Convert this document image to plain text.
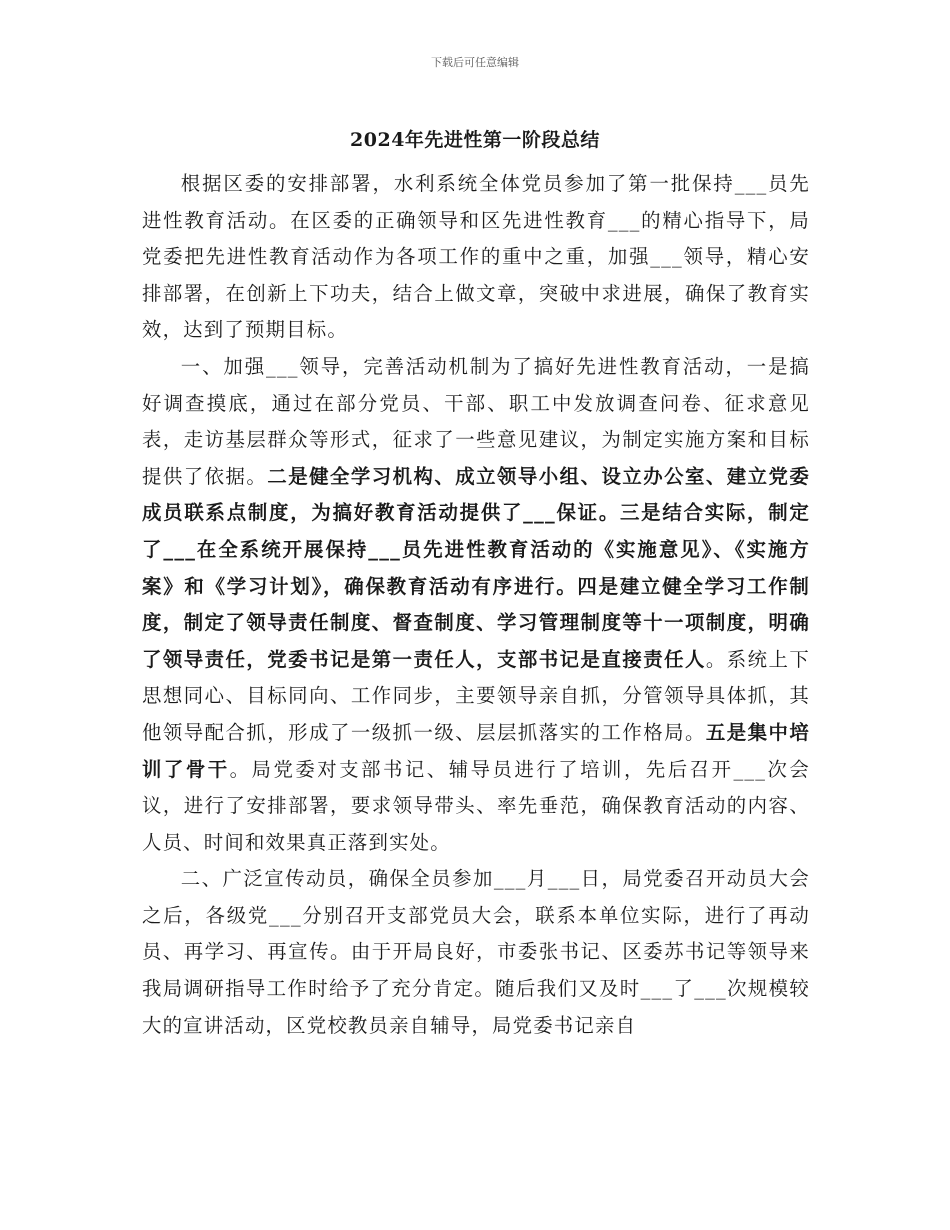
下载后可任意编辑
2024年先进性第一阶段总结

根据区委的安排部署，水利系统全体党员参加了第一批保持___员先进性教育活动。在区委的正确领导和区先进性教育___的精心指导下，局党委把先进性教育活动作为各项工作的重中之重，加强___领导，精心安排部署，在创新上下功夫，结合上做文章，突破中求进展，确保了教育实效，达到了预期目标。

一、加强___领导，完善活动机制为了搞好先进性教育活动，一是搞好调查摸底，通过在部分党员、干部、职工中发放调查问卷、征求意见表，走访基层群众等形式，征求了一些意见建议，为制定实施方案和目标提供了依据。二是健全学习机构、成立领导小组、设立办公室、建立党委成员联系点制度，为搞好教育活动提供了___保证。三是结合实际，制定了___在全系统开展保持___员先进性教育活动的《实施意见》、《实施方案》和《学习计划》，确保教育活动有序进行。四是建立健全学习工作制度，制定了领导责任制度、督查制度、学习管理制度等十一项制度，明确了领导责任，党委书记是第一责任人，支部书记是直接责任人。系统上下思想同心、目标同向、工作同步，主要领导亲自抓，分管领导具体抓，其他领导配合抓，形成了一级抓一级、层层抓落实的工作格局。五是集中培训了骨干。局党委对支部书记、辅导员进行了培训，先后召开___次会议，进行了安排部署，要求领导带头、率先垂范，确保教育活动的内容、人员、时间和效果真正落到实处。

二、广泛宣传动员，确保全员参加___月___日，局党委召开动员大会之后，各级党___分别召开支部党员大会，联系本单位实际，进行了再动员、再学习、再宣传。由于开局良好，市委张书记、区委苏书记等领导来我局调研指导工作时给予了充分肯定。随后我们又及时___了___次规模较大的宣讲活动，区党校教员亲自辅导，局党委书记亲自
